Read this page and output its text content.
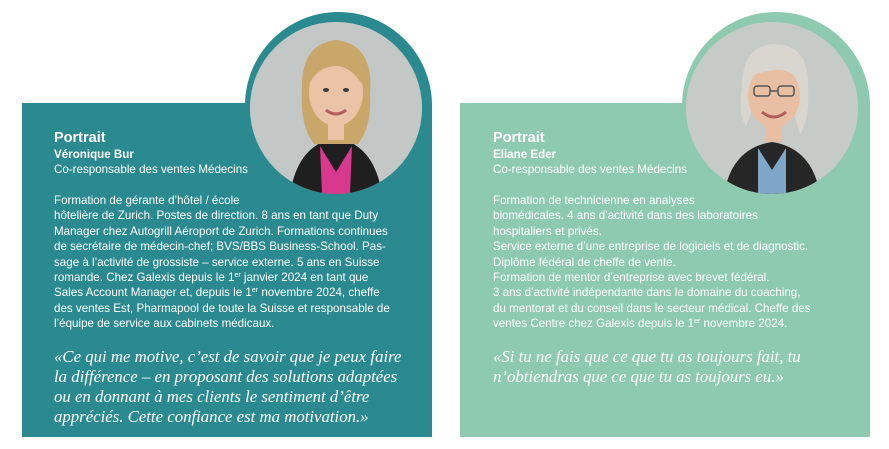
Portrait
Véronique Bur
Co-responsable des ventes Médecins

Formation de gérante d’hôtel / école

hôtelière de Zurich. Postes de direction. 8 ans en tant que Duty

Manager chez Autogrill Aéroport de Zurich. Formations continues

de secrétaire de médecin-chef; BVS/BBS Business-School. Pas-

sage à l’activité de grossiste – service externe. 5 ans en Suisse

romande. Chez Galexis depuis le 1er janvier 2024 en tant que

Sales Account Manager et, depuis le 1er novembre 2024, cheffe

des ventes Est, Pharmapool de toute la Suisse et responsable de

l’équipe de service aux cabinets médicaux.

«Ce qui me motive, c’est de savoir que je peux faire
la différence – en proposant des solutions adaptées
ou en donnant à mes clients le sentiment d’être
appréciés. Cette confiance est ma motivation.»
Portrait
Eliane Eder
Co-responsable des ventes Médecins

Formation de technicienne en analyses

biomédicales. 4 ans d’activité dans des laboratoires

hospitaliers et privés.

Service externe d’une entreprise de logiciels et de diagnostic.

Diplôme fédéral de cheffe de vente.

Formation de mentor d’entreprise avec brevet fédéral.

3 ans d’activité indépendante dans le domaine du coaching,

du mentorat et du conseil dans le secteur médical. Cheffe des

ventes Centre chez Galexis depuis le 1er novembre 2024.

«Si tu ne fais que ce que tu as toujours fait, tu
n’obtiendras que ce que tu as toujours eu.»
